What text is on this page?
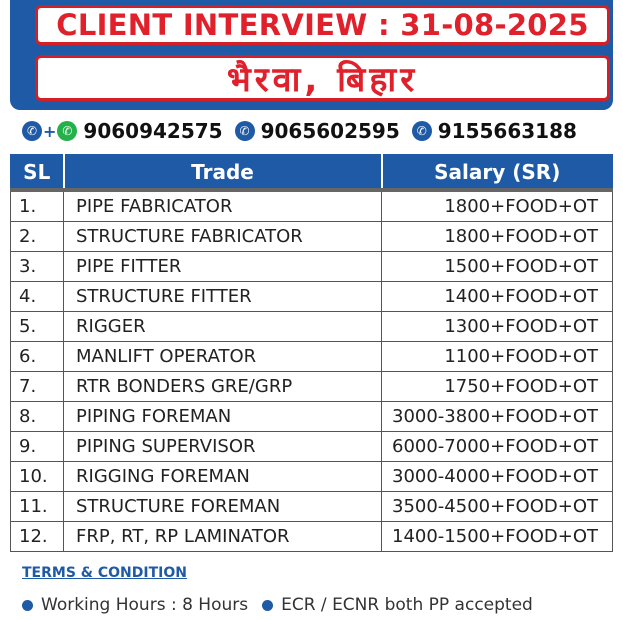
CLIENT INTERVIEW : 31-08-2025
भैरवा, बिहार
✆ + ✆ 9060942575	✆ 9065602595	✆ 9155663188
SL	Trade	Salary (SR)
1.	PIPE FABRICATOR	1800+FOOD+OT
2.	STRUCTURE FABRICATOR	1800+FOOD+OT
3.	PIPE FITTER	1500+FOOD+OT
4.	STRUCTURE FITTER	1400+FOOD+OT
5.	RIGGER	1300+FOOD+OT
6.	MANLIFT OPERATOR	1100+FOOD+OT
7.	RTR BONDERS GRE/GRP	1750+FOOD+OT
8.	PIPING FOREMAN	3000-3800+FOOD+OT
9.	PIPING SUPERVISOR	6000-7000+FOOD+OT
10.	RIGGING FOREMAN	3000-4000+FOOD+OT
11.	STRUCTURE FOREMAN	3500-4500+FOOD+OT
12.	FRP, RT, RP LAMINATOR	1400-1500+FOOD+OT
TERMS & CONDITION
Working Hours : 8 Hours ECR / ECNR both PP accepted
